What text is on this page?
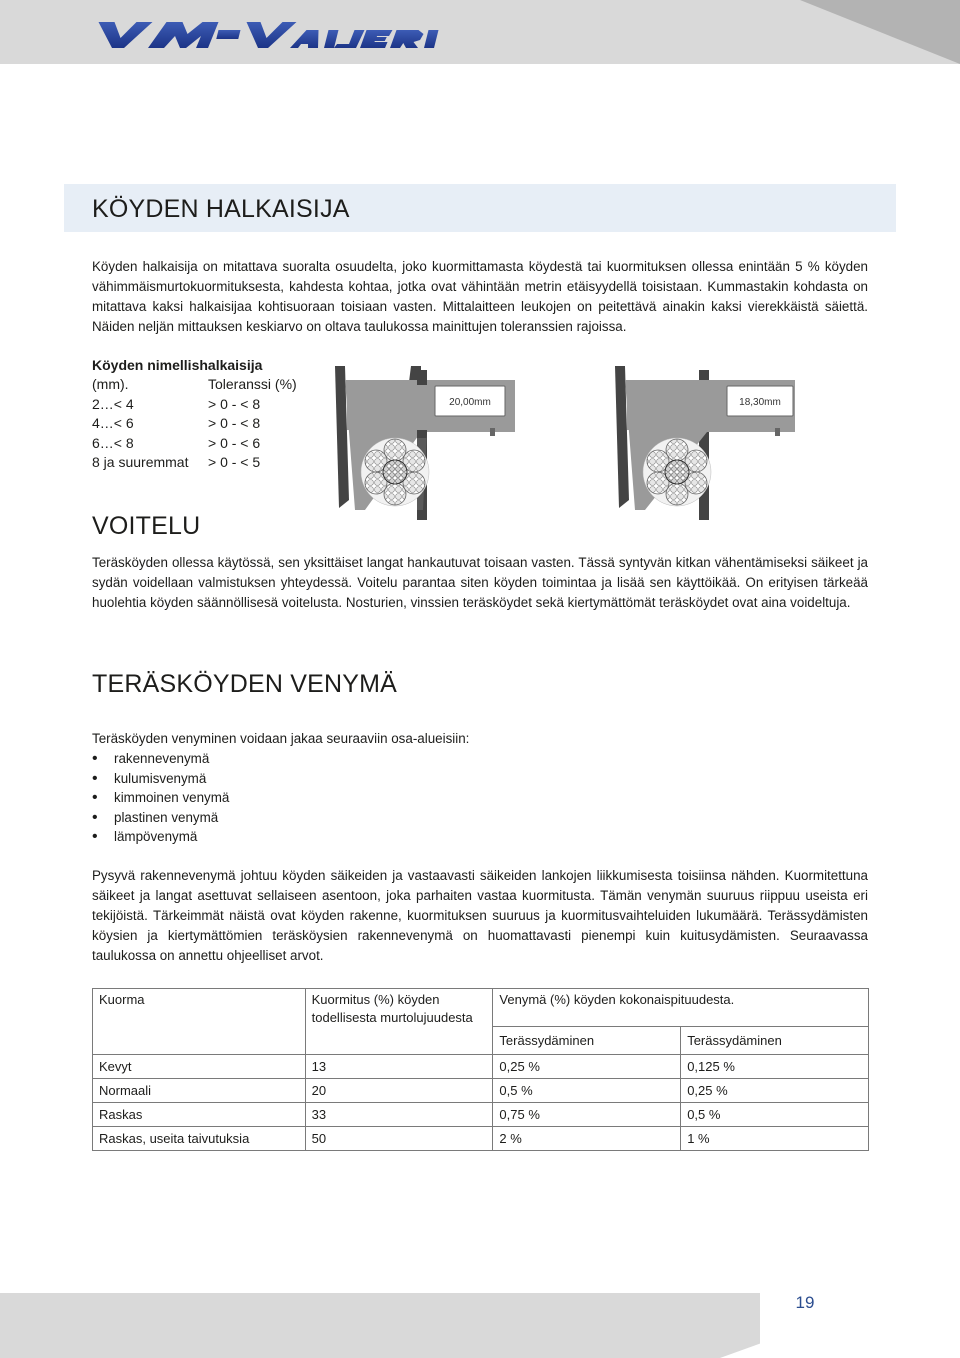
KÖYDEN HALKAISIJA

Köyden halkaisija on mitattava suoralta osuudelta, joko kuormittamasta köydestä tai kuormituksen ollessa enintään 5 % köyden vähimmäismurtokuormituksesta, kahdesta kohtaa, jotka ovat vähintään metrin etäisyydellä toisistaan. Kummastakin kohdasta on mitattava kaksi halkaisijaa kohtisuoraan toisiaan vasten. Mittalaitteen leukojen on peitettävä ainakin kaksi vierekkäistä säiettä. Näiden neljän mittauksen keskiarvo on oltava taulukossa mainittujen toleranssien rajoissa.

Köyden nimellishalkaisija
(mm).	Toleranssi (%)
2…< 4	> 0 - < 8
4…< 6	> 0 - < 8
6…< 8	> 0 - < 6
8 ja suuremmat > 0 - < 5
20,00mm	18,30mm
VOITELU

Teräsköyden ollessa käytössä, sen yksittäiset langat hankautuvat toisaan vasten. Tässä syntyvän kitkan vähentämiseksi säikeet ja sydän voidellaan valmistuksen yhteydessä. Voitelu parantaa siten köyden toimintaa ja lisää sen käyttöikää. On erityisen tärkeää huolehtia köyden säännöllisesä voitelusta. Nosturien, vinssien teräsköydet sekä kiertymättömät teräsköydet ovat aina voideltuja.

TERÄSKÖYDEN VENYMÄ

Teräsköyden venyminen voidaan jakaa seuraaviin osa-alueisiin:

• rakennevenymä
• kulumisvenymä
• kimmoinen venymä
• plastinen venymä
• lämpövenymä

Pysyvä rakennevenymä johtuu köyden säikeiden ja vastaavasti säikeiden lankojen liikkumisesta toisiinsa nähden. Kuormitettuna säikeet ja langat asettuvat sellaiseen asentoon, joka parhaiten vastaa kuormitusta. Tämän venymän suuruus riippuu useista eri tekijöistä. Tärkeimmät näistä ovat köyden rakenne, kuormituksen suuruus ja kuormitusvaihteluiden lukumäärä. Terässydämisten köysien ja kiertymättömien teräsköysien rakennevenymä on huomattavasti pienempi kuin kuitusydämisten. Seuraavassa taulukossa on annettu ohjeelliset arvot.

Kuorma	Kuormitus (%) köyden todellisesta murtolujuudesta	Venymä (%) köyden kokonaispituudesta.	
		Terässydäminen	Terässydäminen
Kevyt	13	0,25 %	0,125 %
Normaali	20	0,5 %	0,25 %
Raskas	33	0,75 %	0,5 %
Raskas, useita taivutuksia	50	2 %	1 %
19
